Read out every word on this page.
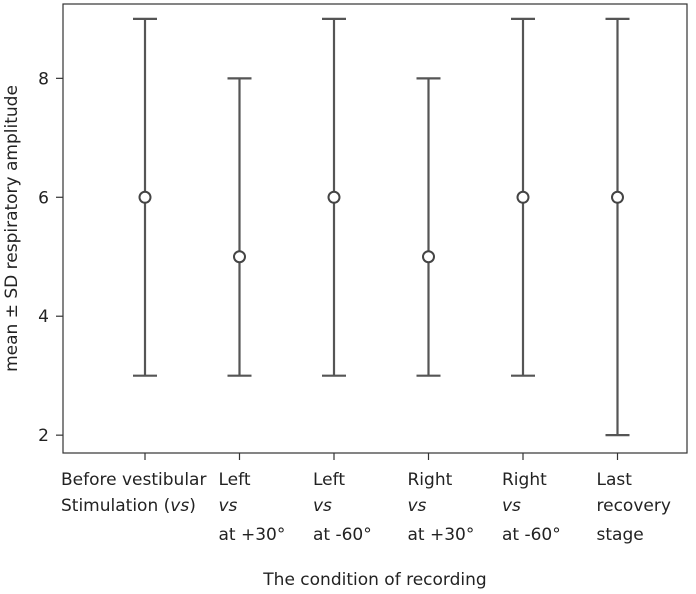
2
4
6
8
Before vestibular
Stimulation (vs)
Left
vs
at +30°
Left
vs
at -60°
Right
vs
at +30°
Right
vs
at -60°
Last
recovery
stage
The condition of recording
mean ± SD respiratory amplitude
